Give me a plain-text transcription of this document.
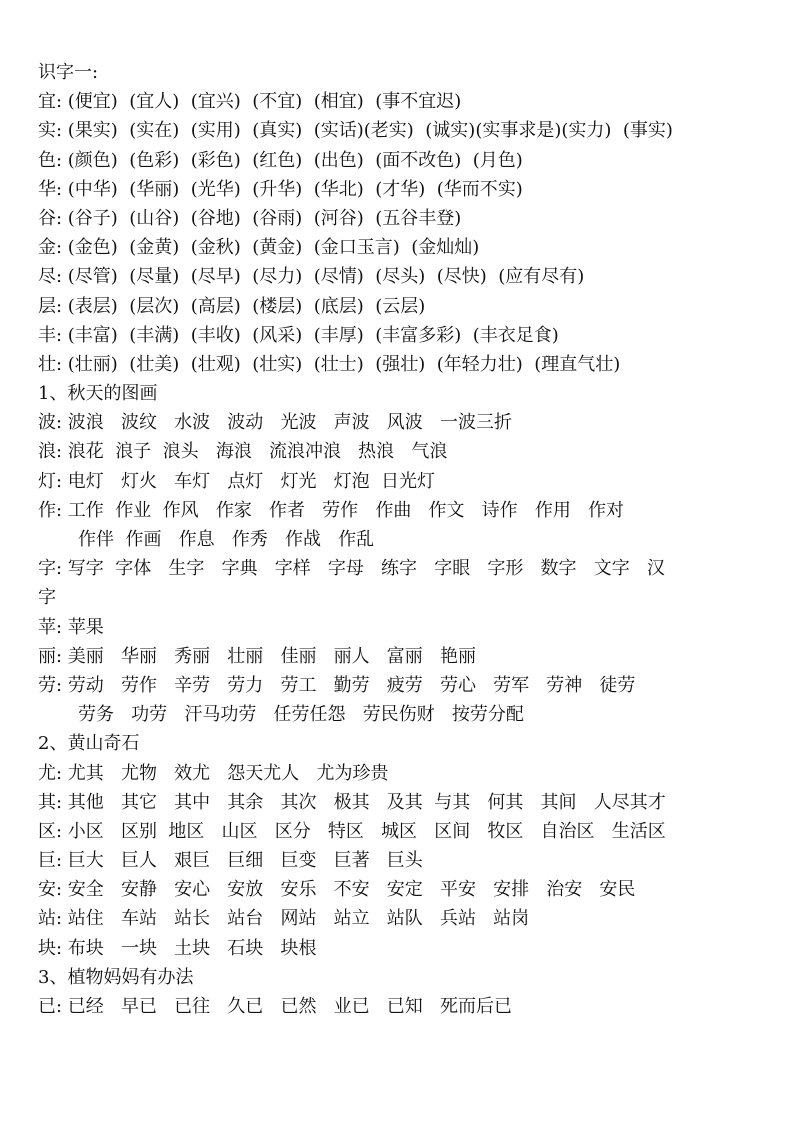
识字一:
宜: (便宜)  (宜人)  (宜兴)  (不宜)  (相宜)  (事不宜迟)
实: (果实)  (实在)  (实用)  (真实)  (实话)(老实)  (诚实)(实事求是)(实力)  (事实)
色: (颜色)  (色彩)  (彩色)  (红色)  (出色)  (面不改色)  (月色)
华: (中华)  (华丽)  (光华)  (升华)  (华北)  (才华)  (华而不实)
谷: (谷子)  (山谷)  (谷地)  (谷雨)  (河谷)  (五谷丰登)
金: (金色)  (金黄)  (金秋)  (黄金)  (金口玉言)  (金灿灿)
尽: (尽管)  (尽量)  (尽早)  (尽力)  (尽情)  (尽头)  (尽快)  (应有尽有)
层: (表层)  (层次)  (高层)  (楼层)  (底层)  (云层)
丰: (丰富)  (丰满)  (丰收)  (风采)  (丰厚)  (丰富多彩)  (丰衣足食)
壮: (壮丽)  (壮美)  (壮观)  (壮实)  (壮士)  (强壮)  (年轻力壮)  (理直气壮)
1、秋天的图画
波: 波浪   波纹   水波   波动   光波   声波   风波   一波三折
浪: 浪花  浪子  浪头   海浪   流浪冲浪   热浪   气浪
灯: 电灯   灯火   车灯   点灯   灯光   灯泡  日光灯
作: 工作  作业  作风   作家   作者   劳作   作曲   作文   诗作   作用   作对
作伴  作画   作息   作秀   作战   作乱
字: 写字  字体   生字   字典   字样   字母   练字   字眼   字形   数字   文字   汉
字
苹: 苹果
丽: 美丽   华丽   秀丽   壮丽   佳丽   丽人   富丽   艳丽
劳: 劳动   劳作   辛劳   劳力   劳工   勤劳   疲劳   劳心   劳军   劳神   徒劳
劳务   功劳   汗马功劳   任劳任怨   劳民伤财   按劳分配
2、黄山奇石
尤: 尤其   尤物   效尤   怨天尤人   尤为珍贵
其: 其他   其它   其中   其余   其次   极其   及其  与其   何其   其间   人尽其才
区: 小区   区别  地区   山区   区分   特区   城区   区间   牧区   自治区   生活区
巨: 巨大   巨人   艰巨   巨细   巨变   巨著   巨头
安: 安全   安静   安心   安放   安乐   不安   安定   平安   安排   治安   安民
站: 站住   车站   站长   站台   网站   站立   站队   兵站   站岗
块: 布块   一块   土块   石块   块根
3、植物妈妈有办法
已: 已经   早已   已往   久已   已然   业已   已知   死而后已
